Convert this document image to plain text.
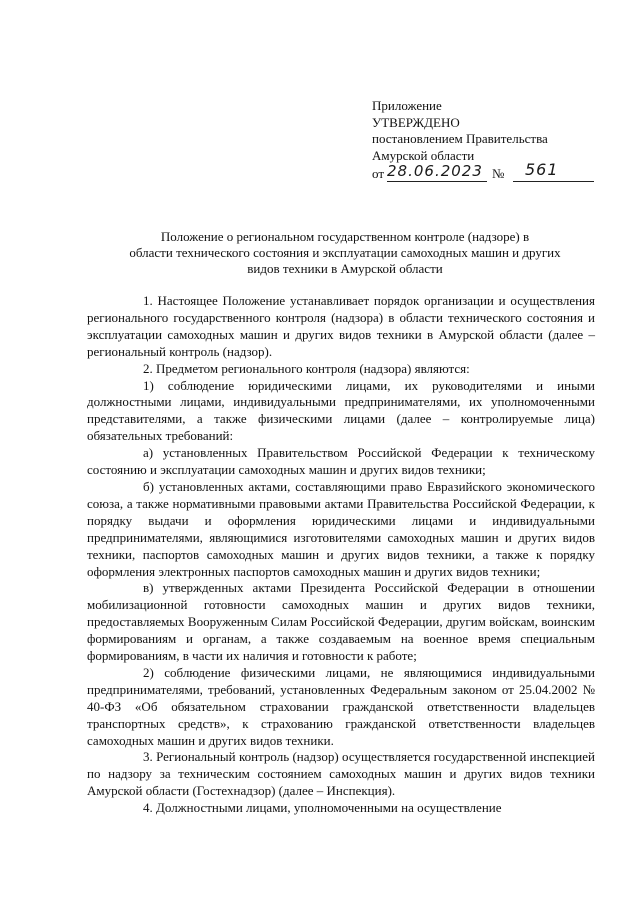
Приложение
УТВЕРЖДЕНО
постановлением Правительства
Амурской области
от 28.06.2023 № 561
Положение о региональном государственном контроле (надзоре) в
области технического состояния и эксплуатации самоходных машин и других
видов техники в Амурской области

1. Настоящее Положение устанавливает порядок организации и осуществления регионального государственного контроля (надзора) в области технического состояния и эксплуатации самоходных машин и других видов техники в Амурской области (далее – региональный контроль (надзор).

2. Предметом регионального контроля (надзора) являются:

1) соблюдение юридическими лицами, их руководителями и иными должностными лицами, индивидуальными предпринимателями, их уполномоченными представителями, а также физическими лицами (далее – контролируемые лица) обязательных требований:

а) установленных Правительством Российской Федерации к техническому состоянию и эксплуатации самоходных машин и других видов техники;

б) установленных актами, составляющими право Евразийского экономического союза, а также нормативными правовыми актами Правительства Российской Федерации, к порядку выдачи и оформления юридическими лицами и индивидуальными предпринимателями, являющимися изготовителями самоходных машин и других видов техники, паспортов самоходных машин и других видов техники, а также к порядку оформления электронных паспортов самоходных машин и других видов техники;

в) утвержденных актами Президента Российской Федерации в отношении мобилизационной готовности самоходных машин и других видов техники, предоставляемых Вооруженным Силам Российской Федерации, другим войскам, воинским формированиям и органам, а также создаваемым на военное время специальным формированиям, в части их наличия и готовности к работе;

2) соблюдение физическими лицами, не являющимися индивидуальными предпринимателями, требований, установленных Федеральным законом от 25.04.2002 № 40-ФЗ «Об обязательном страховании гражданской ответственности владельцев транспортных средств», к страхованию гражданской ответственности владельцев самоходных машин и других видов техники.

3. Региональный контроль (надзор) осуществляется государственной инспекцией по надзору за техническим состоянием самоходных машин и других видов техники Амурской области (Гостехнадзор) (далее – Инспекция).

4. Должностными лицами, уполномоченными на осуществление
